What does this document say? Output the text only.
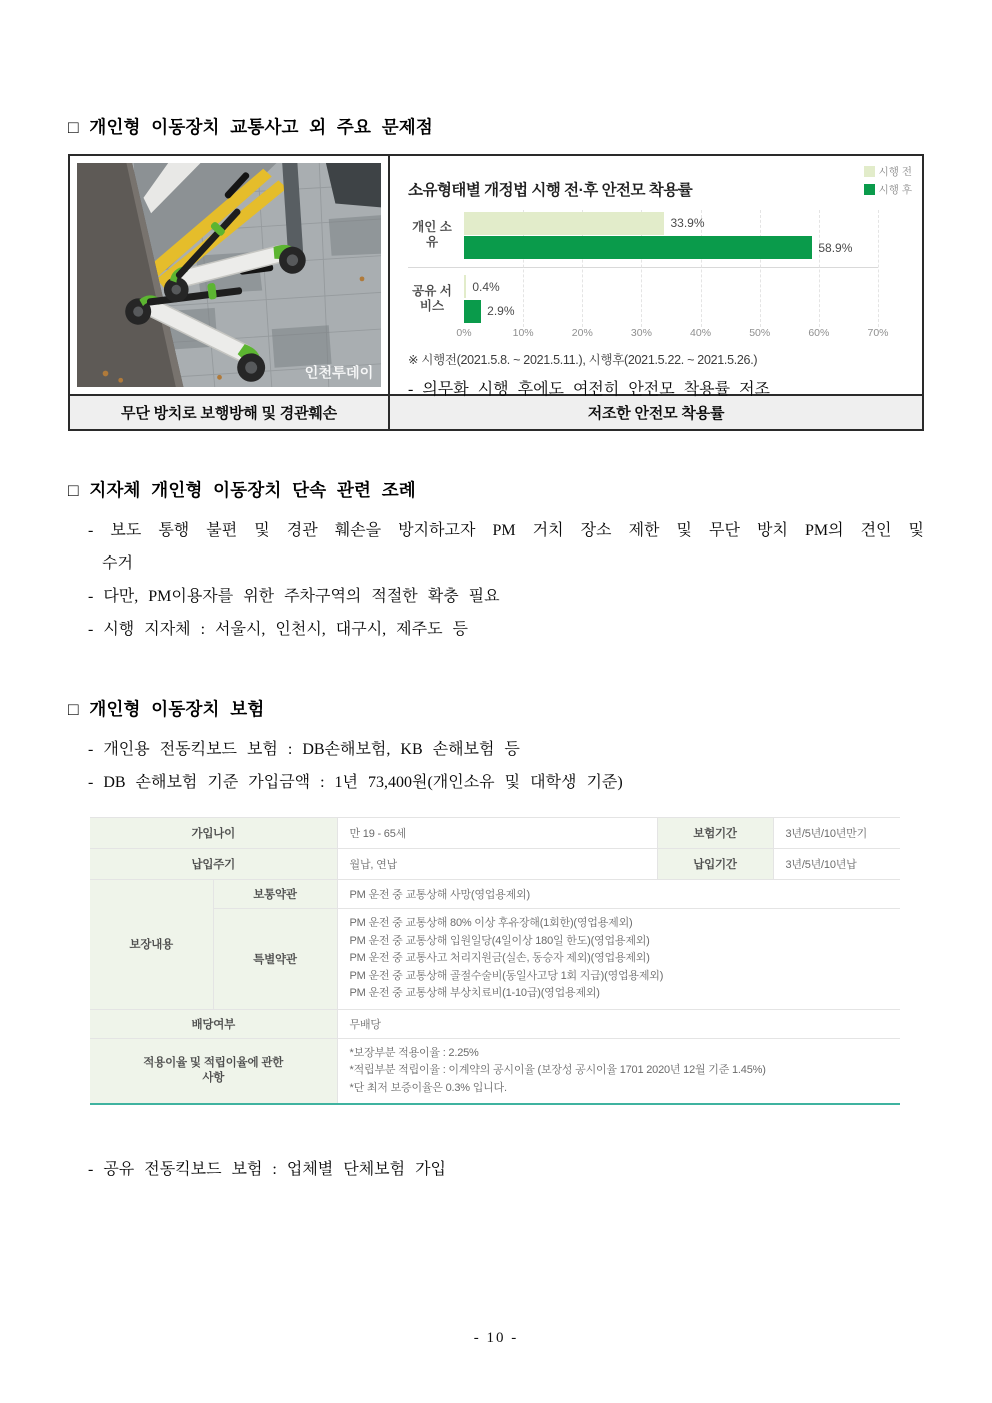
□ 개인형 이동장치 교통사고 외 주요 문제점
인천투데이
시행 전
시행 후
소유형태별 개정법 시행 전·후 안전모 착용률
개인 소유
33.9%
58.9%
공유 서비스
0.4%
2.9%
0%	10%	20%	30%	40%	50%	60%	70%
※ 시행전(2021.5.8. ~ 2021.5.11.), 시행후(2021.5.22. ~ 2021.5.26.)
- 의무화 시행 후에도 여전히 안전모 착용률 저조
무단 방치로 보행방해 및 경관훼손	저조한 안전모 착용률
□ 지자체 개인형 이동장치 단속 관련 조례
- 보도 통행 불편 및 경관 훼손을 방지하고자 PM 거치 장소 제한 및 무단 방치 PM의 견인 및 수거
- 다만, PM이용자를 위한 주차구역의 적절한 확충 필요
- 시행 지자체 : 서울시, 인천시, 대구시, 제주도 등
□ 개인형 이동장치 보험
- 개인용 전동킥보드 보험 : DB손해보험, KB 손해보험 등
- DB 손해보험 기준 가입금액 : 1년 73,400원(개인소유 및 대학생 기준)
가입나이		만 19 - 65세	보험기간	3년/5년/10년만기
납입주기		월납, 연납	납입기간	3년/5년/10년납
보장내용	보통약관	PM 운전 중 교통상해 사망(영업용제외)		
	특별약관	PM 운전 중 교통상해 80% 이상 후유장해(1회한)(영업용제외)
PM 운전 중 교통상해 입원일당(4일이상 180일 한도)(영업용제외)
PM 운전 중 교통사고 처리지원금(실손, 동승자 제외)(영업용제외)
PM 운전 중 교통상해 골절수술비(동일사고당 1회 지급)(영업용제외)
PM 운전 중 교통상해 부상치료비(1-10급)(영업용제외)		

배당여부		무배당		

적용이율 및 적립이율에 관한사항		*보장부분 적용이율 : 2.25%
*적립부분 적립이율 : 이계약의 공시이율 (보장성 공시이율 1701 2020년 12월 기준 1.45%)
*단 최저 보증이율은 0.3% 입니다.		
- 공유 전동킥보드 보험 : 업체별 단체보험 가입
- 10 -
